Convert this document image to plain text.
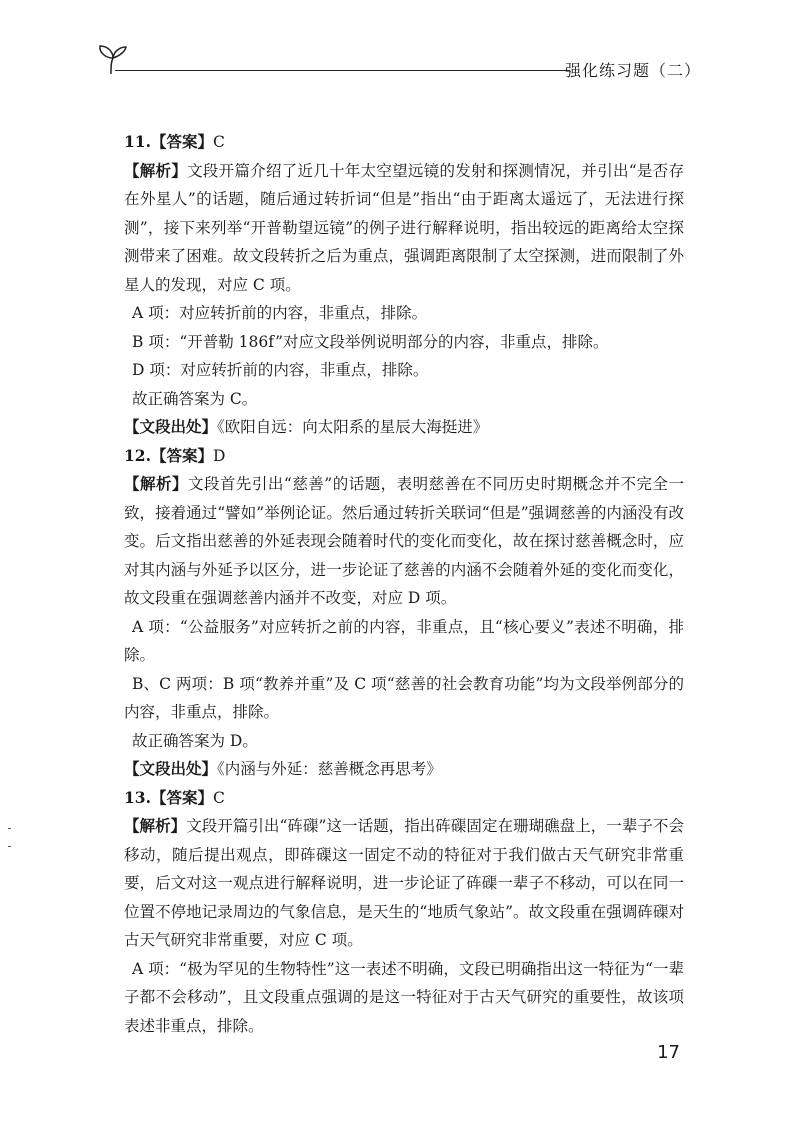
强化练习题（二）

11.【答案】C

【解析】文段开篇介绍了近几十年太空望远镜的发射和探测情况，并引出“是否存在外星人”的话题，随后通过转折词“但是”指出“由于距离太遥远了，无法进行探测”，接下来列举“开普勒望远镜”的例子进行解释说明，指出较远的距离给太空探测带来了困难。故文段转折之后为重点，强调距离限制了太空探测，进而限制了外星人的发现，对应 C 项。

A 项：对应转折前的内容，非重点，排除。

B 项：“开普勒 186f”对应文段举例说明部分的内容，非重点，排除。

D 项：对应转折前的内容，非重点，排除。

故正确答案为 C。

【文段出处】《欧阳自远：向太阳系的星辰大海挺进》

12.【答案】D

【解析】文段首先引出“慈善”的话题，表明慈善在不同历史时期概念并不完全一致，接着通过“譬如”举例论证。然后通过转折关联词“但是”强调慈善的内涵没有改变。后文指出慈善的外延表现会随着时代的变化而变化，故在探讨慈善概念时，应对其内涵与外延予以区分，进一步论证了慈善的内涵不会随着外延的变化而变化，故文段重在强调慈善内涵并不改变，对应 D 项。

A 项：“公益服务”对应转折之前的内容，非重点，且“核心要义”表述不明确，排除。

B、C 两项：B 项“教养并重”及 C 项“慈善的社会教育功能”均为文段举例部分的内容，非重点，排除。

故正确答案为 D。

【文段出处】《内涵与外延：慈善概念再思考》

13.【答案】C

【解析】文段开篇引出“砗磲”这一话题，指出砗磲固定在珊瑚礁盘上，一辈子不会移动，随后提出观点，即砗磲这一固定不动的特征对于我们做古天气研究非常重要，后文对这一观点进行解释说明，进一步论证了砗磲一辈子不移动，可以在同一位置不停地记录周边的气象信息，是天生的“地质气象站”。故文段重在强调砗磲对古天气研究非常重要，对应 C 项。

A 项：“极为罕见的生物特性”这一表述不明确，文段已明确指出这一特征为“一辈子都不会移动”，且文段重点强调的是这一特征对于古天气研究的重要性，故该项表述非重点，排除。

17
